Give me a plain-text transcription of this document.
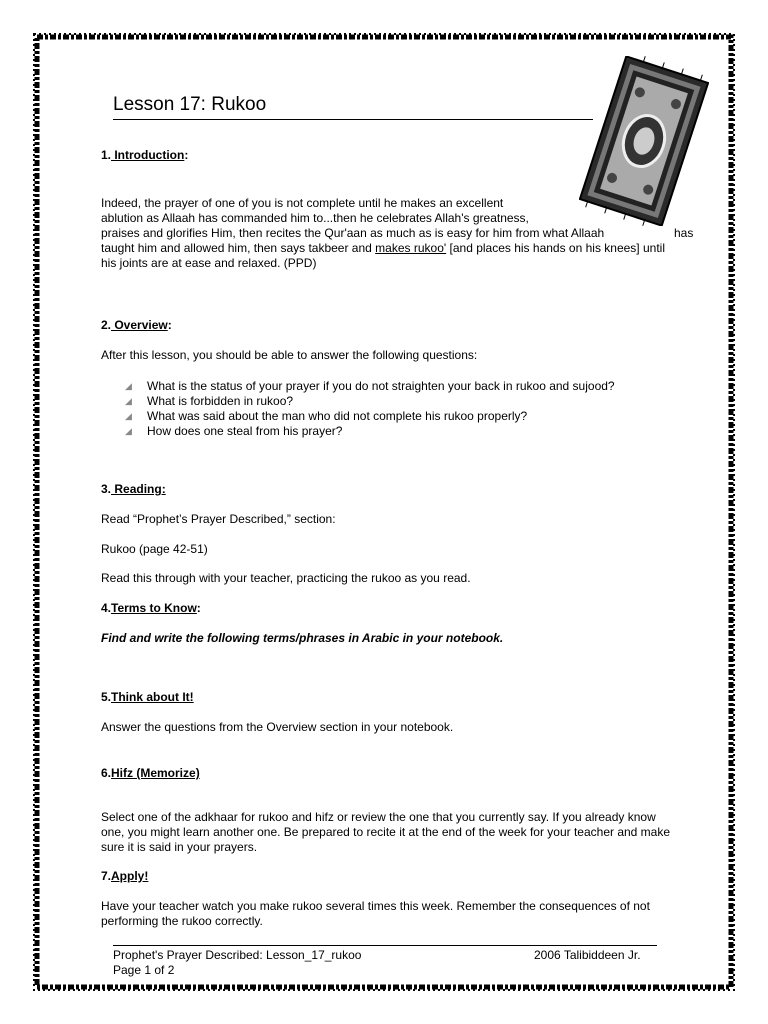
Lesson 17: Rukoo
1. Introduction:
Indeed, the prayer of one of you is not complete until he makes an excellent
ablution as Allaah has commanded him to...then he celebrates Allah's greatness,
praises and glorifies Him, then recites the Qur'aan as much as is easy for him from what Allaah	has
taught him and allowed him, then says takbeer and makes rukoo' [and places his hands on his knees] until
his joints are at ease and relaxed. (PPD)
2. Overview:
After this lesson, you should be able to answer the following questions:
◢	What is the status of your prayer if you do not straighten your back in rukoo and sujood?
◢	What is forbidden in rukoo?
◢	What was said about the man who did not complete his rukoo properly?
◢	How does one steal from his prayer?
3. Reading:
Read “Prophet’s Prayer Described,” section:
Rukoo (page 42-51)
Read this through with your teacher, practicing the rukoo as you read.
4.Terms to Know:
Find and write the following terms/phrases in Arabic in your notebook.
5.Think about It!
Answer the questions from the Overview section in your notebook.
6.Hifz (Memorize)
Select one of the adkhaar for rukoo and hifz or review the one that you currently say. If you already know
one, you might learn another one. Be prepared to recite it at the end of the week for your teacher and make
sure it is said in your prayers.
7.Apply!
Have your teacher watch you make rukoo several times this week. Remember the consequences of not
performing the rukoo correctly.
Prophet's Prayer Described: Lesson_17_rukoo	2006 Talibiddeen Jr.
Page 1 of 2
